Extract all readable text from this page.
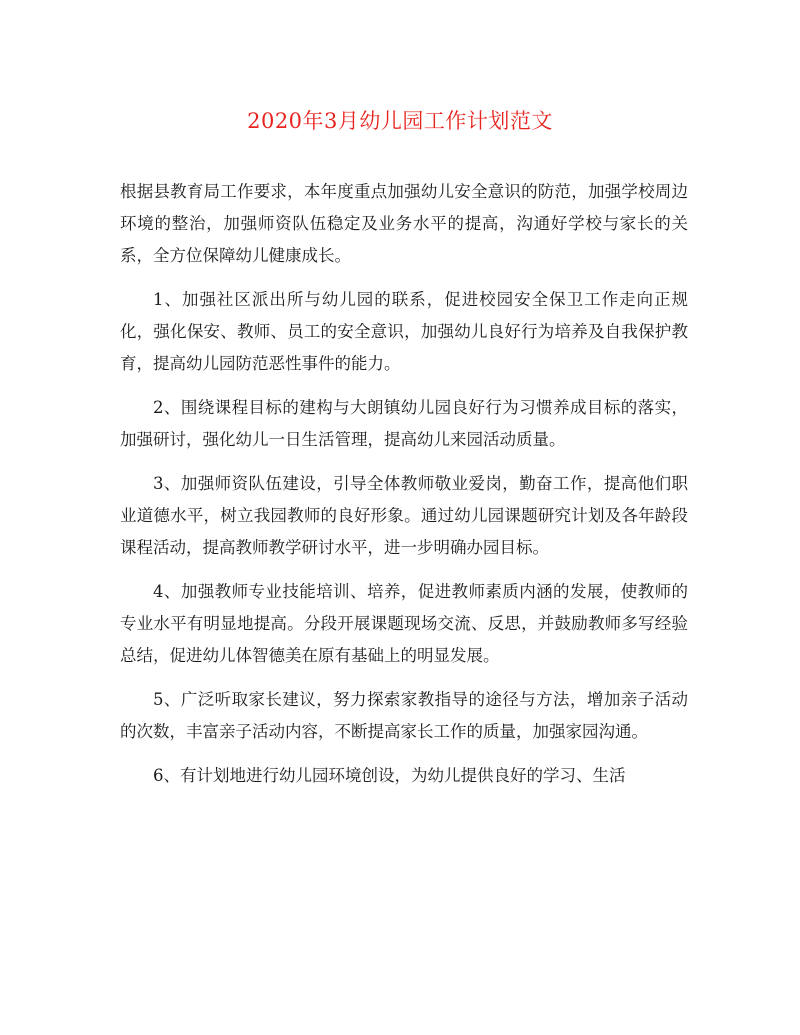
2020年3月幼儿园工作计划范文

根据县教育局工作要求，本年度重点加强幼儿安全意识的防范，加强学校周边环境的整治，加强师资队伍稳定及业务水平的提高，沟通好学校与家长的关系，全方位保障幼儿健康成长。

1、加强社区派出所与幼儿园的联系，促进校园安全保卫工作走向正规化，强化保安、教师、员工的安全意识，加强幼儿良好行为培养及自我保护教育，提高幼儿园防范恶性事件的能力。

2、围绕课程目标的建构与大朗镇幼儿园良好行为习惯养成目标的落实，加强研讨，强化幼儿一日生活管理，提高幼儿来园活动质量。

3、加强师资队伍建设，引导全体教师敬业爱岗，勤奋工作，提高他们职业道德水平，树立我园教师的良好形象。通过幼儿园课题研究计划及各年龄段课程活动，提高教师教学研讨水平，进一步明确办园目标。

4、加强教师专业技能培训、培养，促进教师素质内涵的发展，使教师的专业水平有明显地提高。分段开展课题现场交流、反思，并鼓励教师多写经验总结，促进幼儿体智德美在原有基础上的明显发展。

5、广泛听取家长建议，努力探索家教指导的途径与方法，增加亲子活动的次数，丰富亲子活动内容，不断提高家长工作的质量，加强家园沟通。

6、有计划地进行幼儿园环境创设，为幼儿提供良好的学习、生活
